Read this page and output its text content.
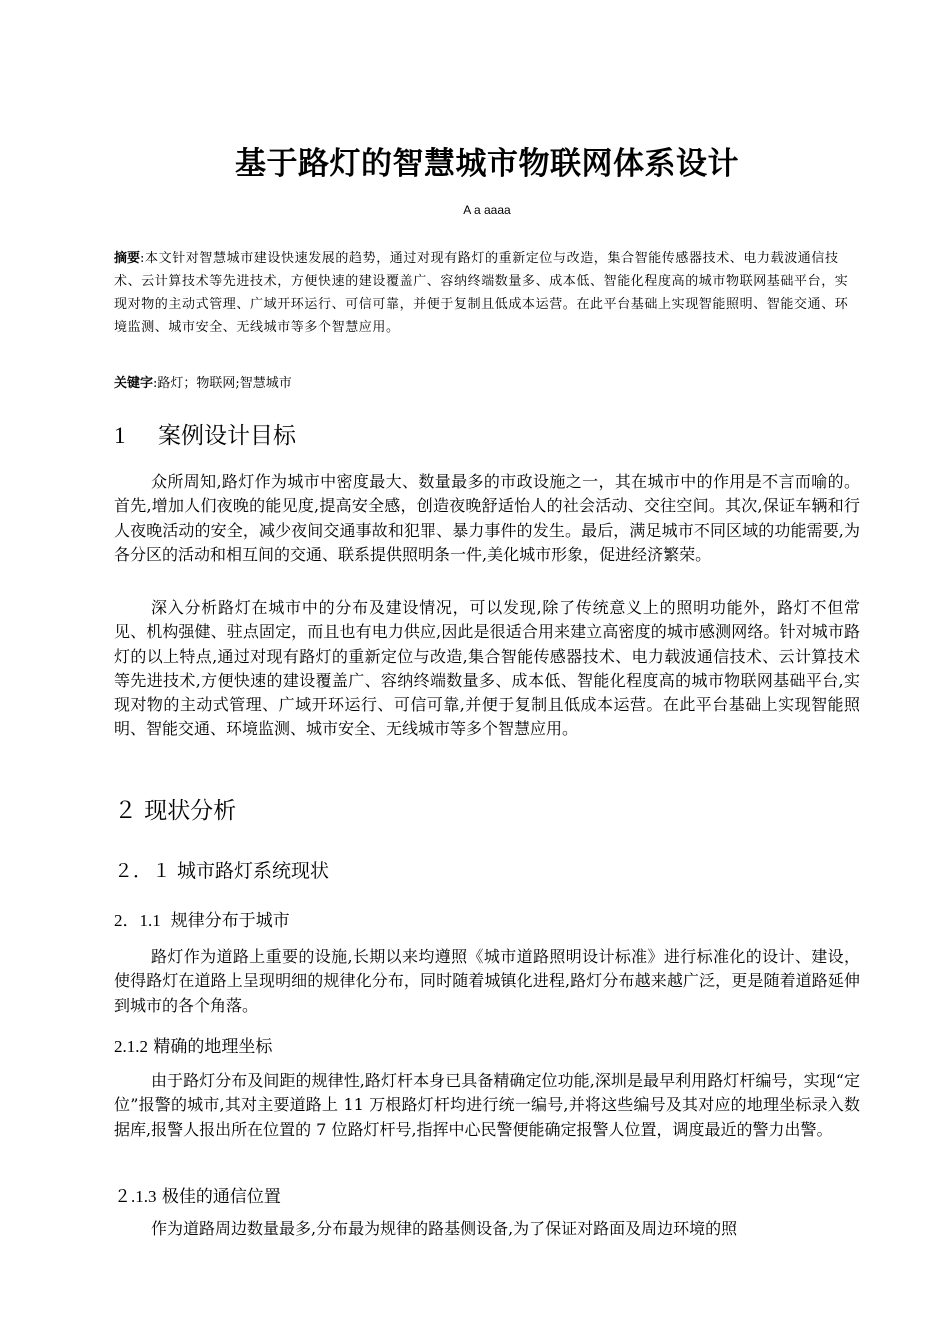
基于路灯的智慧城市物联网体系设计
A a aaaa
摘要:本文针对智慧城市建设快速发展的趋势，通过对现有路灯的重新定位与改造，集合智能传感器技术、电力载波通信技术、云计算技术等先进技术，方便快速的建设覆盖广、容纳终端数量多、成本低、智能化程度高的城市物联网基础平台，实现对物的主动式管理、广域开环运行、可信可靠，并便于复制且低成本运营。在此平台基础上实现智能照明、智能交通、环境监测、城市安全、无线城市等多个智慧应用。
关键字:路灯；物联网;智慧城市
1 案例设计目标

众所周知,路灯作为城市中密度最大、数量最多的市政设施之一，其在城市中的作用是不言而喻的。首先,增加人们夜晚的能见度,提高安全感，创造夜晚舒适怡人的社会活动、交往空间。其次,保证车辆和行人夜晚活动的安全，减少夜间交通事故和犯罪、暴力事件的发生。最后，满足城市不同区域的功能需要,为各分区的活动和相互间的交通、联系提供照明条一件,美化城市形象，促进经济繁荣。

深入分析路灯在城市中的分布及建设情况，可以发现,除了传统意义上的照明功能外，路灯不但常见、机构强健、驻点固定，而且也有电力供应,因此是很适合用来建立高密度的城市感测网络。针对城市路灯的以上特点,通过对现有路灯的重新定位与改造,集合智能传感器技术、电力载波通信技术、云计算技术等先进技术,方便快速的建设覆盖广、容纳终端数量多、成本低、智能化程度高的城市物联网基础平台,实现对物的主动式管理、广域开环运行、可信可靠,并便于复制且低成本运营。在此平台基础上实现智能照明、智能交通、环境监测、城市安全、无线城市等多个智慧应用。

２ 现状分析
２．１ 城市路灯系统现状
2．1.1 规律分布于城市

路灯作为道路上重要的设施,长期以来均遵照《城市道路照明设计标准》进行标准化的设计、建设，使得路灯在道路上呈现明细的规律化分布，同时随着城镇化进程,路灯分布越来越广泛，更是随着道路延伸到城市的各个角落。

2.1.2 精确的地理坐标

由于路灯分布及间距的规律性,路灯杆本身已具备精确定位功能,深圳是最早利用路灯杆编号，实现“定位”报警的城市,其对主要道路上 11 万根路灯杆均进行统一编号,并将这些编号及其对应的地理坐标录入数据库,报警人报出所在位置的 7 位路灯杆号,指挥中心民警便能确定报警人位置，调度最近的警力出警。

２.1.3 极佳的通信位置

作为道路周边数量最多,分布最为规律的路基侧设备,为了保证对路面及周边环境的照
